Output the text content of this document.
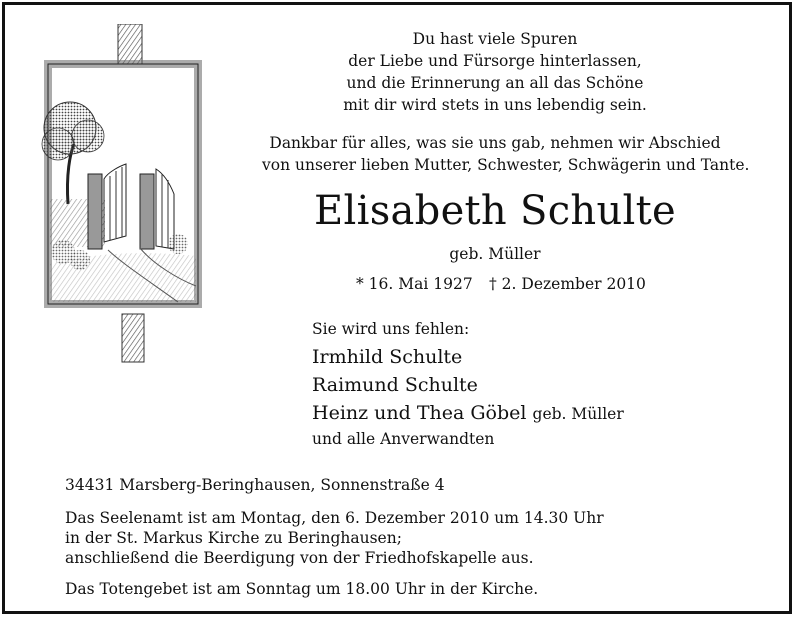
Du hast viele Spuren
der Liebe und Fürsorge hinterlassen,
und die Erinnerung an all das Schöne
mit dir wird stets in uns lebendig sein.
Dankbar für alles, was sie uns gab, nehmen wir Abschied
von unserer lieben Mutter, Schwester, Schwägerin und Tante.
Elisabeth Schulte
geb. Müller
* 16. Mai 1927 † 2. Dezember 2010
Sie wird uns fehlen:
Irmhild Schulte
Raimund Schulte
Heinz und Thea Göbel geb. Müller
und alle Anverwandten
34431 Marsberg-Beringhausen, Sonnenstraße 4
Das Seelenamt ist am Montag, den 6. Dezember 2010 um 14.30 Uhr
in der St. Markus Kirche zu Beringhausen;
anschließend die Beerdigung von der Friedhofskapelle aus.
Das Totengebet ist am Sonntag um 18.00 Uhr in der Kirche.
